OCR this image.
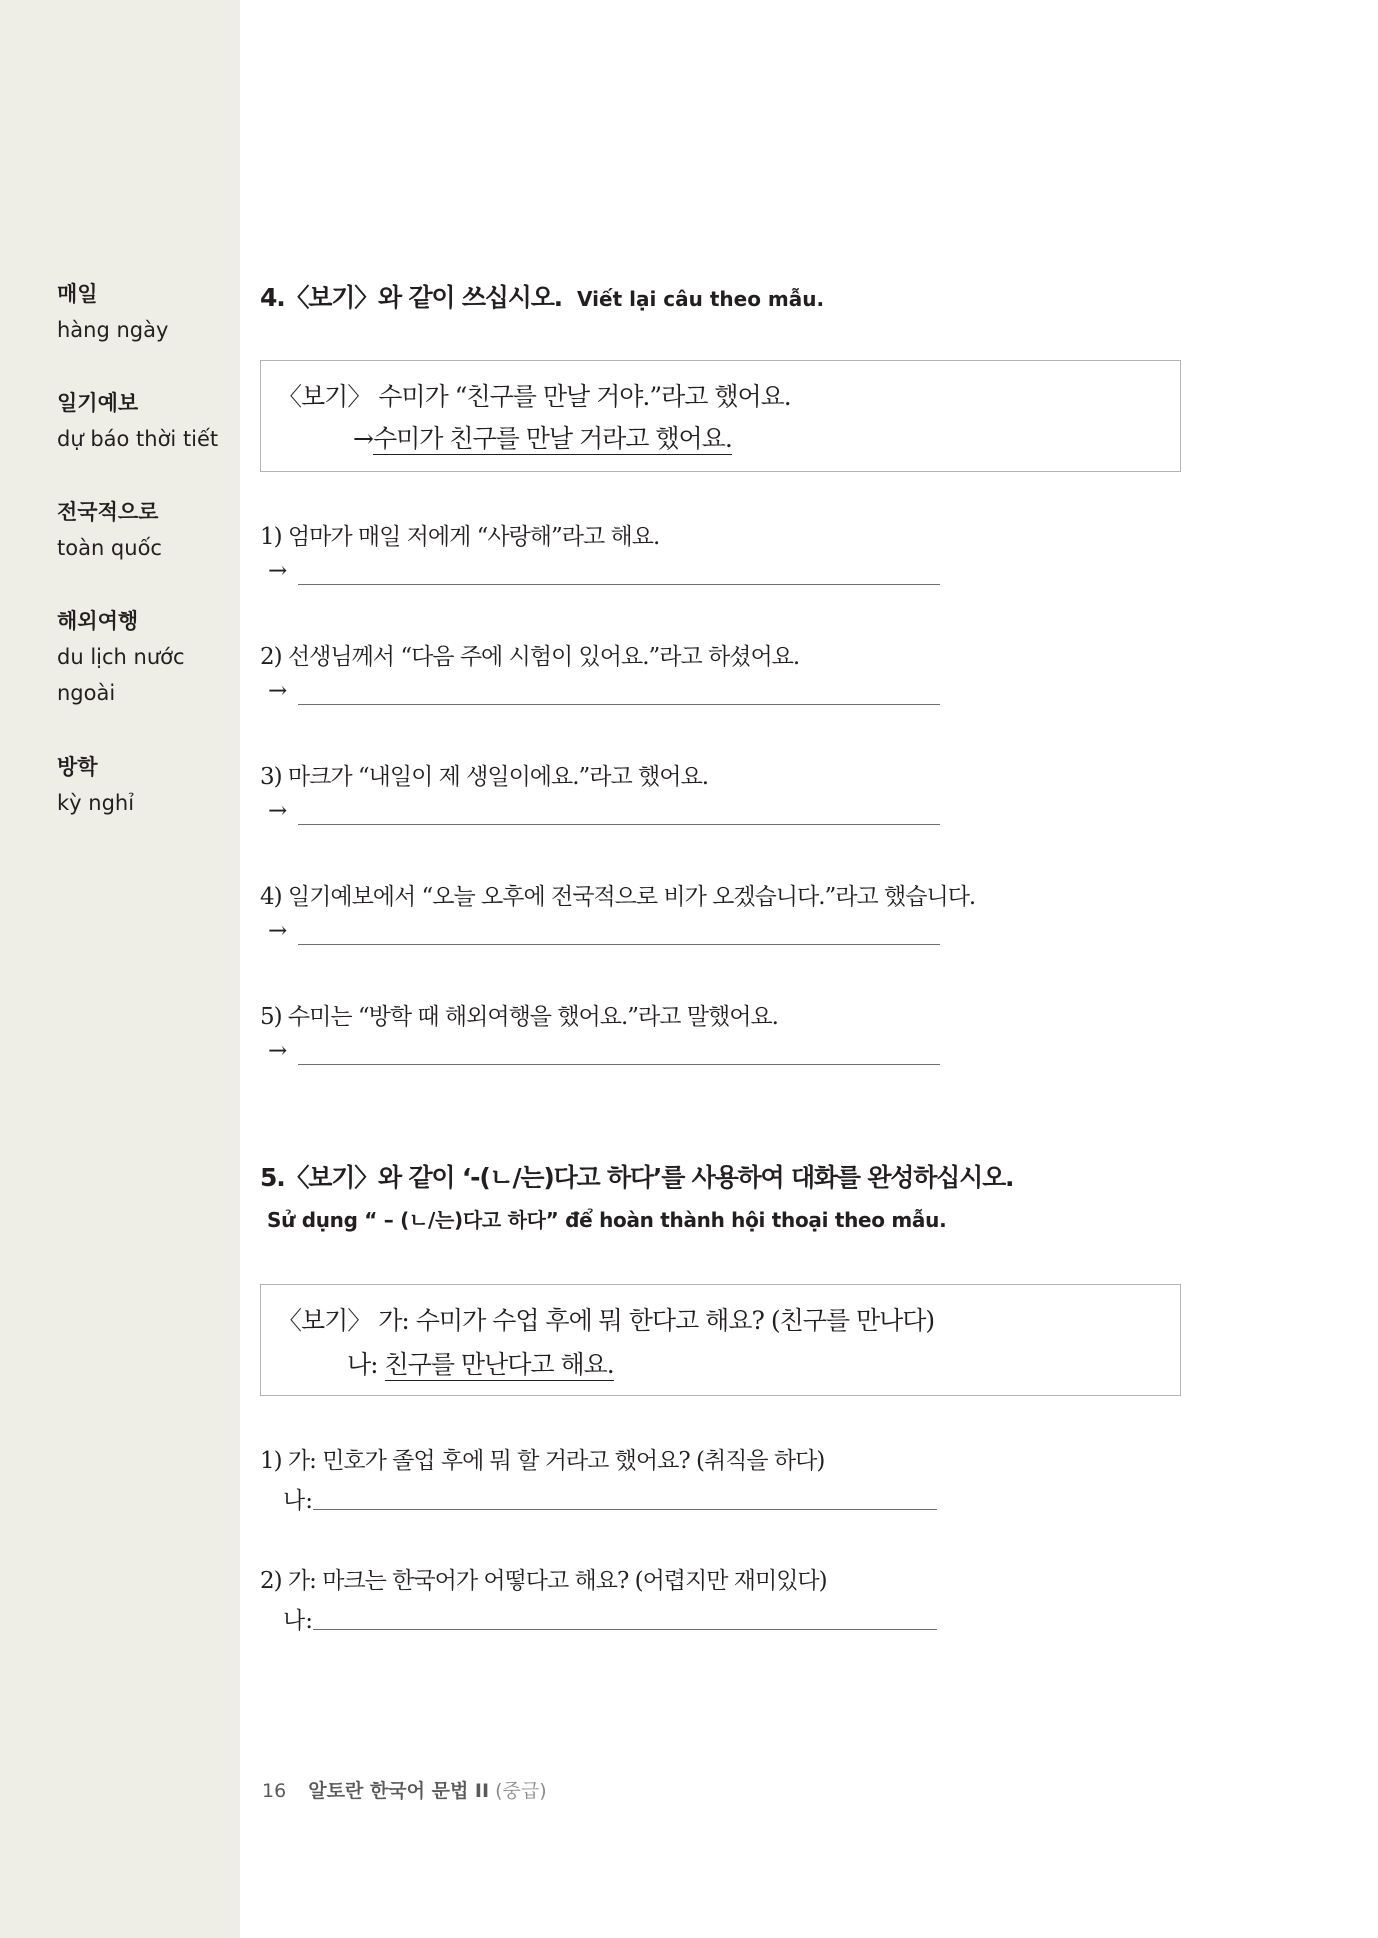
매일
hàng ngày
일기예보
dự báo thời tiết
전국적으로
toàn quốc
해외여행
du lịch nước ngoài
방학
kỳ nghỉ
4.〈보기〉와 같이 쓰십시오. Viết lại câu theo mẫu.
〈보기〉 수미가 “친구를 만날 거야.”라고 했어요.
→수미가 친구를 만날 거라고 했어요.
1) 엄마가 매일 저에게 “사랑해”라고 해요.
→
2) 선생님께서 “다음 주에 시험이 있어요.”라고 하셨어요.
→
3) 마크가 “내일이 제 생일이에요.”라고 했어요.
→
4) 일기예보에서 “오늘 오후에 전국적으로 비가 오겠습니다.”라고 했습니다.
→
5) 수미는 “방학 때 해외여행을 했어요.”라고 말했어요.
→
5.〈보기〉와 같이 ‘-(ㄴ/는)다고 하다’를 사용하여 대화를 완성하십시오.
Sử dụng “ – (ㄴ/는)다고 하다” để hoàn thành hội thoại theo mẫu.
〈보기〉 가: 수미가 수업 후에 뭐 한다고 해요? (친구를 만나다)
나: 친구를 만난다고 해요.
1) 가: 민호가 졸업 후에 뭐 할 거라고 했어요? (취직을 하다)
나:
2) 가: 마크는 한국어가 어떻다고 해요? (어렵지만 재미있다)
나:
16 알토란 한국어 문법 II (중급)
